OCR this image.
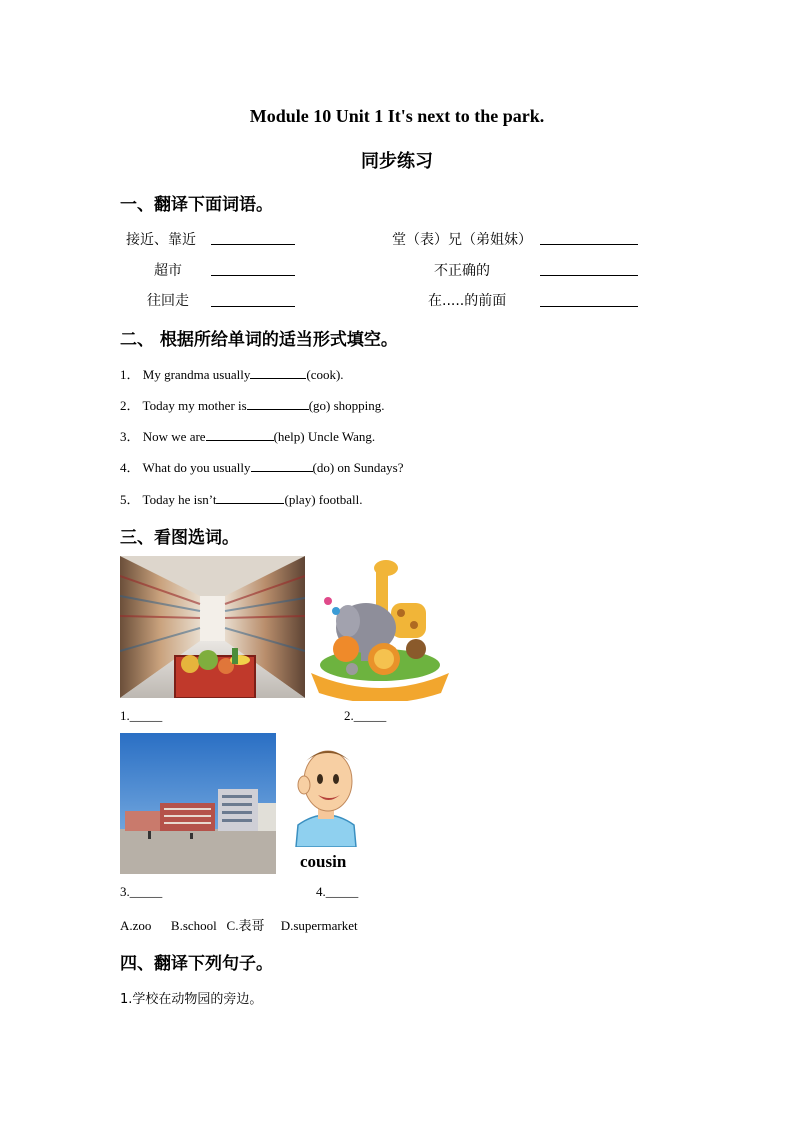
Module 10 Unit 1 It's next to the park.
同步练习
一、翻译下面词语。
接近、靠近	堂（表）兄（弟姐妹）
超市	不正确的
往回走	在.....的前面
二、 根据所给单词的适当形式填空。
1． My grandma usually	(cook).
2． Today my mother is	(go) shopping.
3． Now we are	(help) Uncle Wang.
4． What do you usually	(do) on Sundays?
5． Today he isn’t	(play) football.
三、看图选词。
1._____	2._____
cousin
3._____	4._____
A.zoo      B.school   C.表哥     D.supermarket
四、翻译下列句子。
1.学校在动物园的旁边。
